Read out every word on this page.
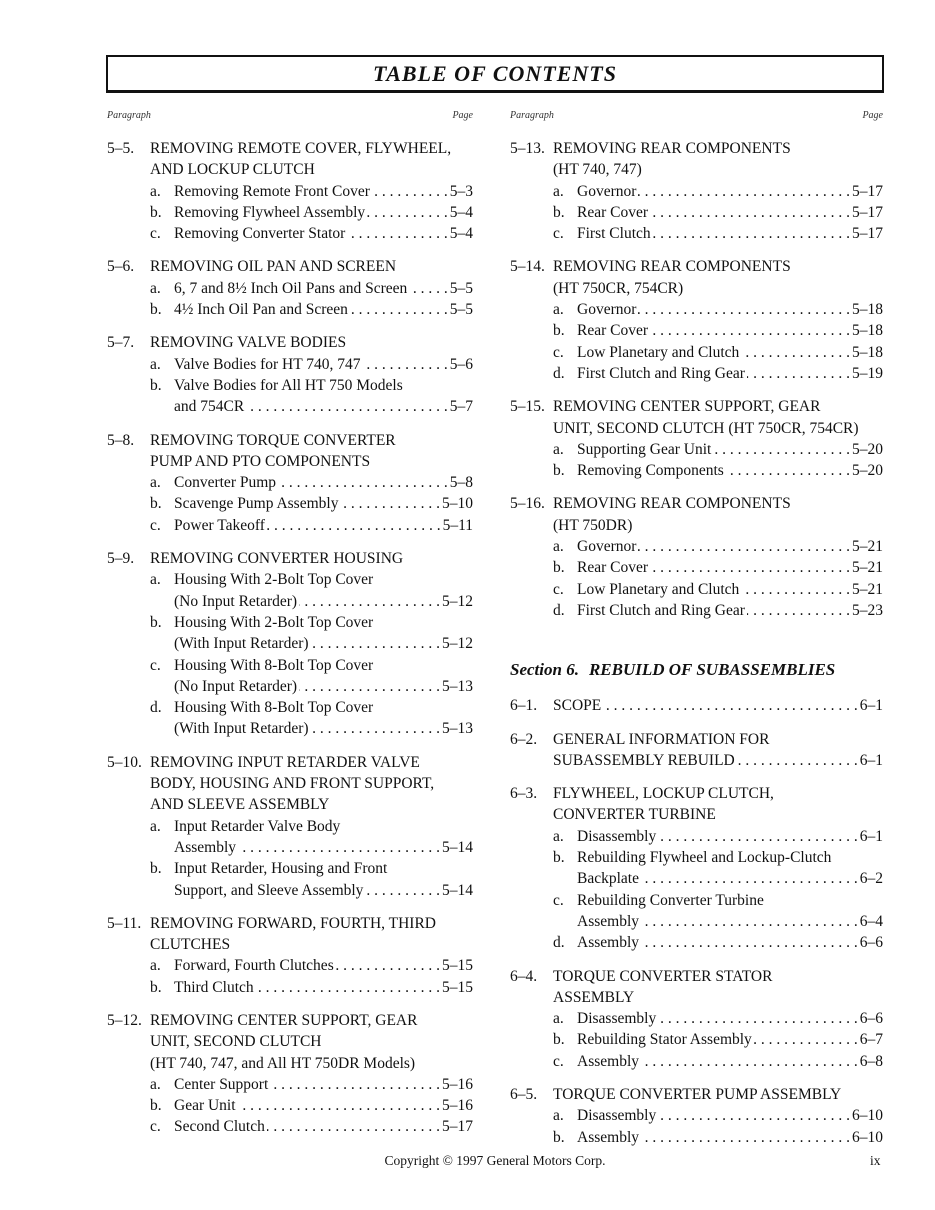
TABLE OF CONTENTS
Paragraph	Page
5–5.	REMOVING REMOTE COVER, FLYWHEEL,
AND LOCKUP CLUTCH
a. Removing Remote Front Cover . . .	5–3
b. Removing Flywheel Assembly . . .	5–4
c. Removing Converter Stator . . .	5–4
5–6.	REMOVING OIL PAN AND SCREEN
a. 6, 7 and 8½ Inch Oil Pans and Screen . . .	5–5
b. 4½ Inch Oil Pan and Screen . . .	5–5
5–7.	REMOVING VALVE BODIES
a. Valve Bodies for HT 740, 747 . . .	5–6
b. Valve Bodies for All HT 750 Models
and 754CR . . .	5–7
5–8.	REMOVING TORQUE CONVERTER
PUMP AND PTO COMPONENTS
a. Converter Pump . . .	5–8
b. Scavenge Pump Assembly . . .	5–10
c. Power Takeoff . . .	5–11
5–9.	REMOVING CONVERTER HOUSING
a. Housing With 2-Bolt Top Cover
(No Input Retarder) . . .	5–12
b. Housing With 2-Bolt Top Cover
(With Input Retarder) . . .	5–12
c. Housing With 8-Bolt Top Cover
(No Input Retarder) . . .	5–13
d. Housing With 8-Bolt Top Cover
(With Input Retarder) . . .	5–13
5–10. REMOVING INPUT RETARDER VALVE
BODY, HOUSING AND FRONT SUPPORT,
AND SLEEVE ASSEMBLY
a. Input Retarder Valve Body
Assembly . . .	5–14
b. Input Retarder, Housing and Front
Support, and Sleeve Assembly . . .	5–14
5–11. REMOVING FORWARD, FOURTH, THIRD
CLUTCHES
a. Forward, Fourth Clutches . . .	5–15
b. Third Clutch . . .	5–15
5–12. REMOVING CENTER SUPPORT, GEAR
UNIT, SECOND CLUTCH
(HT 740, 747, and All HT 750DR Models)
a. Center Support . . .	5–16
b. Gear Unit . . .	5–16
c. Second Clutch . . .	5–17
Paragraph	Page
5–13. REMOVING REAR COMPONENTS
(HT 740, 747)
a. Governor . . .	5–17
b. Rear Cover . . .	5–17
c. First Clutch . . .	5–17
5–14. REMOVING REAR COMPONENTS
(HT 750CR, 754CR)
a. Governor . . .	5–18
b. Rear Cover . . .	5–18
c. Low Planetary and Clutch . . .	5–18
d. First Clutch and Ring Gear . . .	5–19
5–15. REMOVING CENTER SUPPORT, GEAR
UNIT, SECOND CLUTCH (HT 750CR, 754CR)
a. Supporting Gear Unit . . .	5–20
b. Removing Components . . .	5–20
5–16. REMOVING REAR COMPONENTS
(HT 750DR)
a. Governor . . .	5–21
b. Rear Cover . . .	5–21
c. Low Planetary and Clutch . . .	5–21
d. First Clutch and Ring Gear . . .	5–23
Section 6. REBUILD OF SUBASSEMBLIES
6–1.	SCOPE . . .	6–1
6–2.	GENERAL INFORMATION FOR
SUBASSEMBLY REBUILD . . .	6–1
6–3.	FLYWHEEL, LOCKUP CLUTCH,
CONVERTER TURBINE
a. Disassembly . . .	6–1
b. Rebuilding Flywheel and Lockup-Clutch
Backplate . . .	6–2
c. Rebuilding Converter Turbine
Assembly . . .	6–4
d. Assembly . . .	6–6
6–4.	TORQUE CONVERTER STATOR
ASSEMBLY
a. Disassembly . . .	6–6
b. Rebuilding Stator Assembly . . .	6–7
c. Assembly . . .	6–8
6–5.	TORQUE CONVERTER PUMP ASSEMBLY
a. Disassembly . . .	6–10
b. Assembly . . .	6–10
Copyright © 1997 General Motors Corp.	ix
